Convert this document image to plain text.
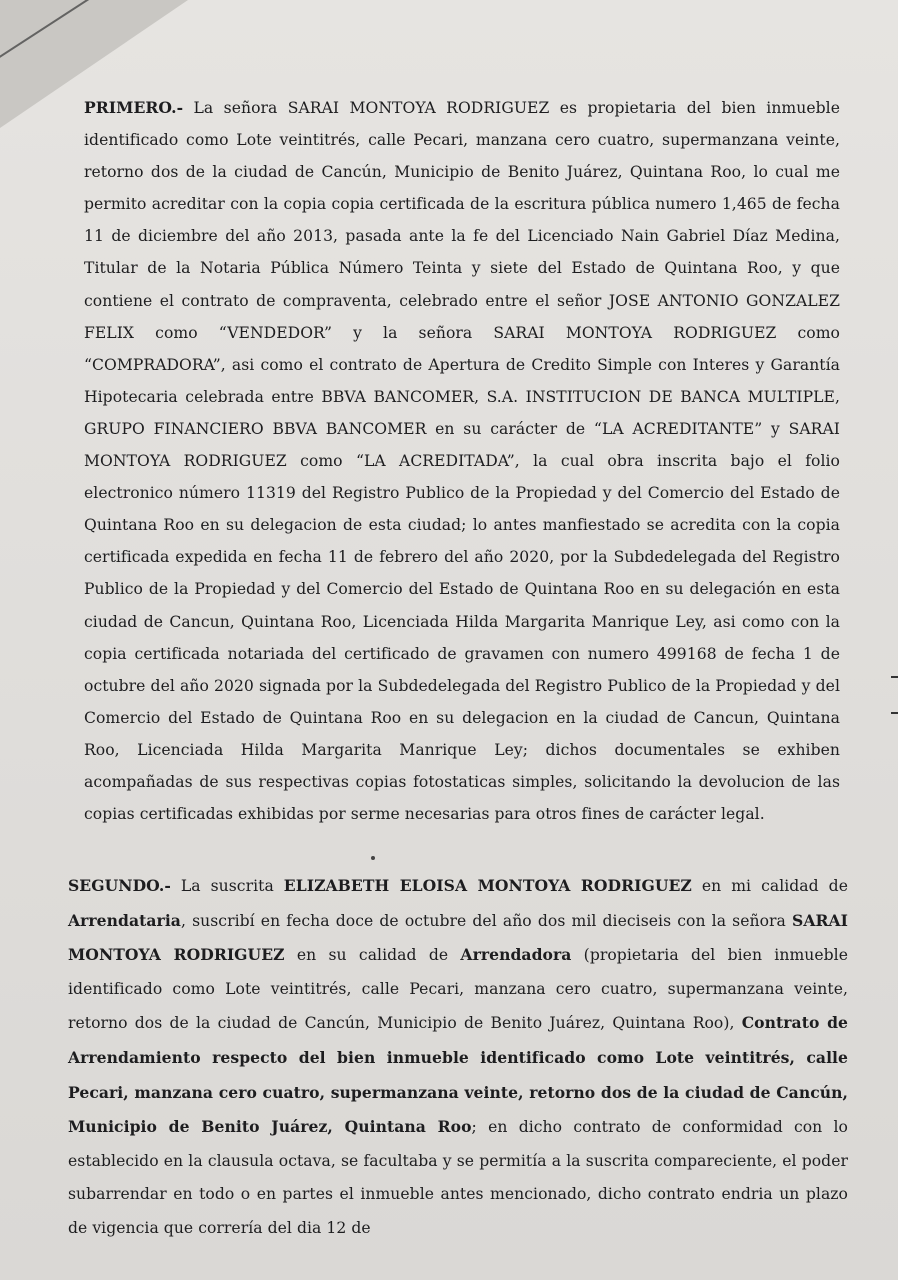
PRIMERO.- La señora SARAI MONTOYA RODRIGUEZ es propietaria del bien inmueble identificado como Lote veintitrés, calle Pecari, manzana cero cuatro, supermanzana veinte, retorno dos de la ciudad de Cancún, Municipio de Benito Juárez, Quintana Roo, lo cual me permito acreditar con la copia copia certificada de la escritura pública numero 1,465 de fecha 11 de diciembre del año 2013, pasada ante la fe del Licenciado Nain Gabriel Díaz Medina, Titular de la Notaria Pública Número Teinta y siete del Estado de Quintana Roo, y que contiene el contrato de compraventa, celebrado entre el señor JOSE ANTONIO GONZALEZ FELIX como “VENDEDOR” y la señora SARAI MONTOYA RODRIGUEZ como “COMPRADORA”, asi como el contrato de Apertura de Credito Simple con Interes y Garantía Hipotecaria celebrada entre BBVA BANCOMER, S.A. INSTITUCION DE BANCA MULTIPLE, GRUPO FINANCIERO BBVA BANCOMER en su carácter de “LA ACREDITANTE” y SARAI MONTOYA RODRIGUEZ como “LA ACREDITADA”, la cual obra inscrita bajo el folio electronico número 11319 del Registro Publico de la Propiedad y del Comercio del Estado de Quintana Roo en su delegacion de esta ciudad; lo antes manfiestado se acredita con la copia certificada expedida en fecha 11 de febrero del año 2020, por la Subdedelegada del Registro Publico de la Propiedad y del Comercio del Estado de Quintana Roo en su delegación en esta ciudad de Cancun, Quintana Roo, Licenciada Hilda Margarita Manrique Ley, asi como con la copia certificada notariada del certificado de gravamen con numero 499168 de fecha 1 de octubre del año 2020 signada por la Subdedelegada del Registro Publico de la Propiedad y del Comercio del Estado de Quintana Roo en su delegacion en la ciudad de Cancun, Quintana Roo, Licenciada Hilda Margarita Manrique Ley; dichos documentales se exhiben acompañadas de sus respectivas copias fotostaticas simples, solicitando la devolucion de las copias certificadas exhibidas por serme necesarias para otros fines de carácter legal.

SEGUNDO.- La suscrita ELIZABETH ELOISA MONTOYA RODRIGUEZ en mi calidad de Arrendataria, suscribí en fecha doce de octubre del año dos mil dieciseis con la señora SARAI MONTOYA RODRIGUEZ en su calidad de Arrendadora (propietaria del bien inmueble identificado como Lote veintitrés, calle Pecari, manzana cero cuatro, supermanzana veinte, retorno dos de la ciudad de Cancún, Municipio de Benito Juárez, Quintana Roo), Contrato de Arrendamiento respecto del bien inmueble identificado como Lote veintitrés, calle Pecari, manzana cero cuatro, supermanzana veinte, retorno dos de la ciudad de Cancún, Municipio de Benito Juárez, Quintana Roo; en dicho contrato de conformidad con lo establecido en la clausula octava, se facultaba y se permitía a la suscrita compareciente, el poder subarrendar en todo o en partes el inmueble antes mencionado, dicho contrato endria un plazo de vigencia que correría del dia 12 de
